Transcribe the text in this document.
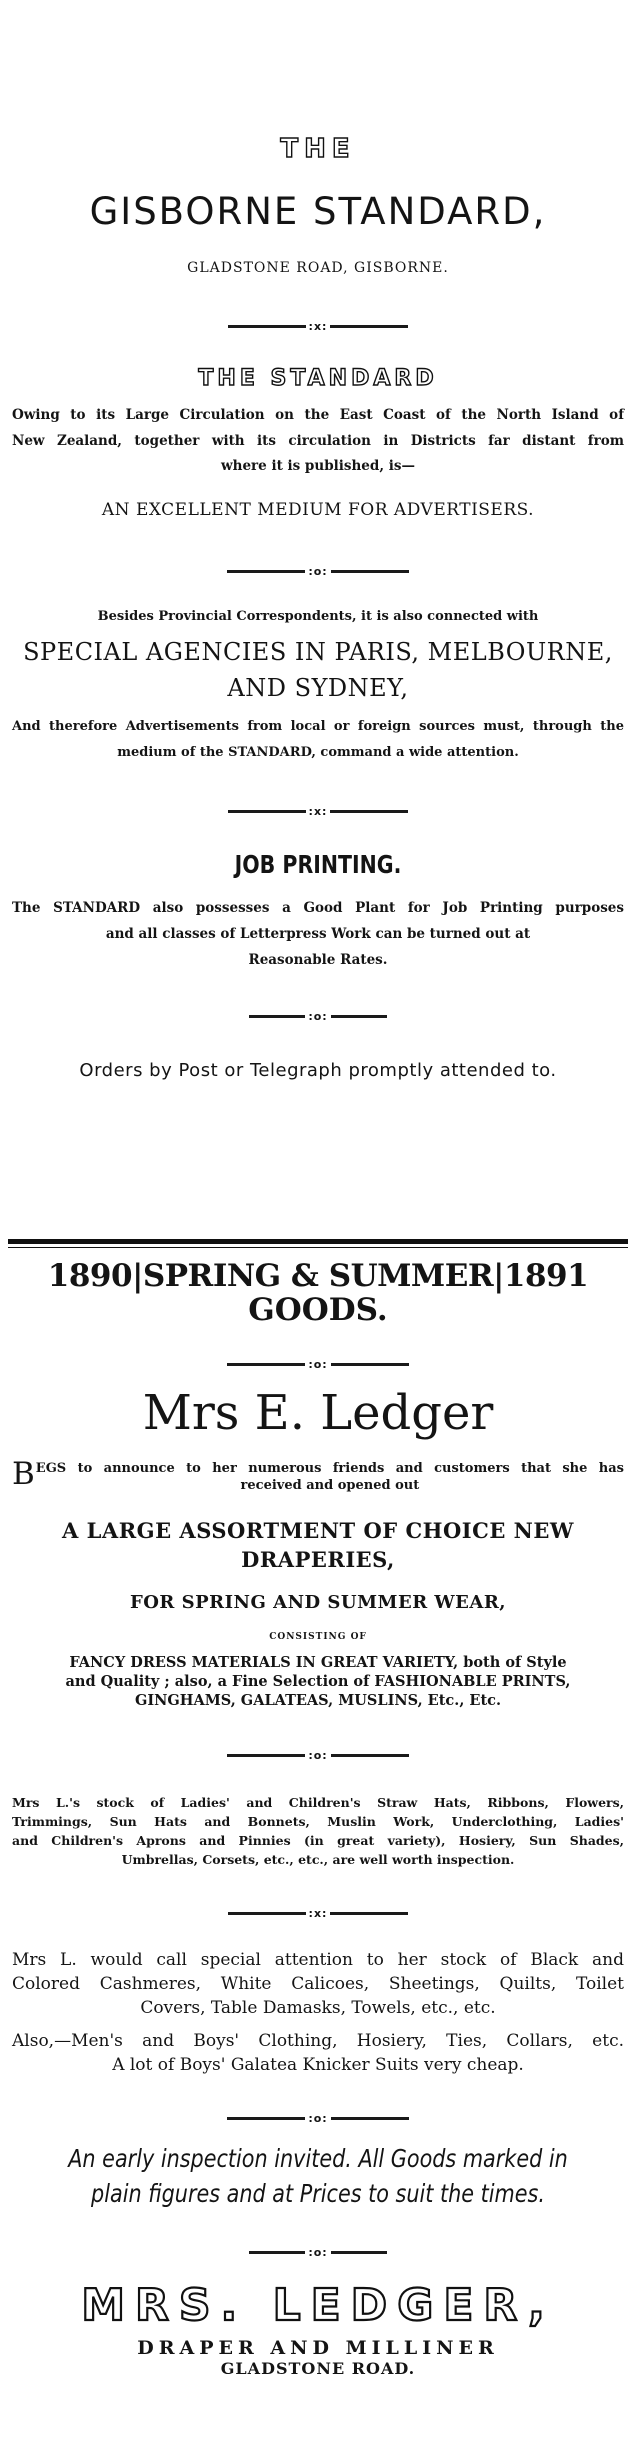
THE
GISBORNE STANDARD,
GLADSTONE ROAD, GISBORNE.
:x:
THE STANDARD
Owing to its Large Circulation on the East Coast of the North Island of
New Zealand, together with its circulation in Districts far distant from
where it is published, is—
AN EXCELLENT MEDIUM FOR ADVERTISERS.
:o:
Besides Provincial Correspondents, it is also connected with
SPECIAL AGENCIES IN PARIS, MELBOURNE,
AND SYDNEY,
And therefore Advertisements from local or foreign sources must, through the
medium of the STANDARD, command a wide attention.
:x:
JOB PRINTING.
The STANDARD also possesses a Good Plant for Job Printing purposes
and all classes of Letterpress Work can be turned out at
Reasonable Rates.
:o:
Orders by Post or Telegraph promptly attended to.
1890|SPRING & SUMMER|1891
GOODS.
:o:
Mrs E. Ledger
B EGS to announce to her numerous friends and customers that she has
received and opened out
A LARGE ASSORTMENT OF CHOICE NEW
DRAPERIES,
FOR SPRING AND SUMMER WEAR,
CONSISTING OF
FANCY DRESS MATERIALS IN GREAT VARIETY, both of Style
and Quality ; also, a Fine Selection of FASHIONABLE PRINTS,
GINGHAMS, GALATEAS, MUSLINS, Etc., Etc.
:o:
Mrs L.'s stock of Ladies' and Children's Straw Hats, Ribbons, Flowers,
Trimmings, Sun Hats and Bonnets, Muslin Work, Underclothing, Ladies'
and Children's Aprons and Pinnies (in great variety), Hosiery, Sun Shades,
Umbrellas, Corsets, etc., etc., are well worth inspection.
:x:
Mrs L. would call special attention to her stock of Black and
Colored Cashmeres, White Calicoes, Sheetings, Quilts, Toilet
Covers, Table Damasks, Towels, etc., etc.
Also,—Men's and Boys' Clothing, Hosiery, Ties, Collars, etc.
A lot of Boys' Galatea Knicker Suits very cheap.
:o:
An early inspection invited. All Goods marked in
plain figures and at Prices to suit the times.
:o:
MRS. LEDGER,
DRAPER AND MILLINER
GLADSTONE ROAD.
